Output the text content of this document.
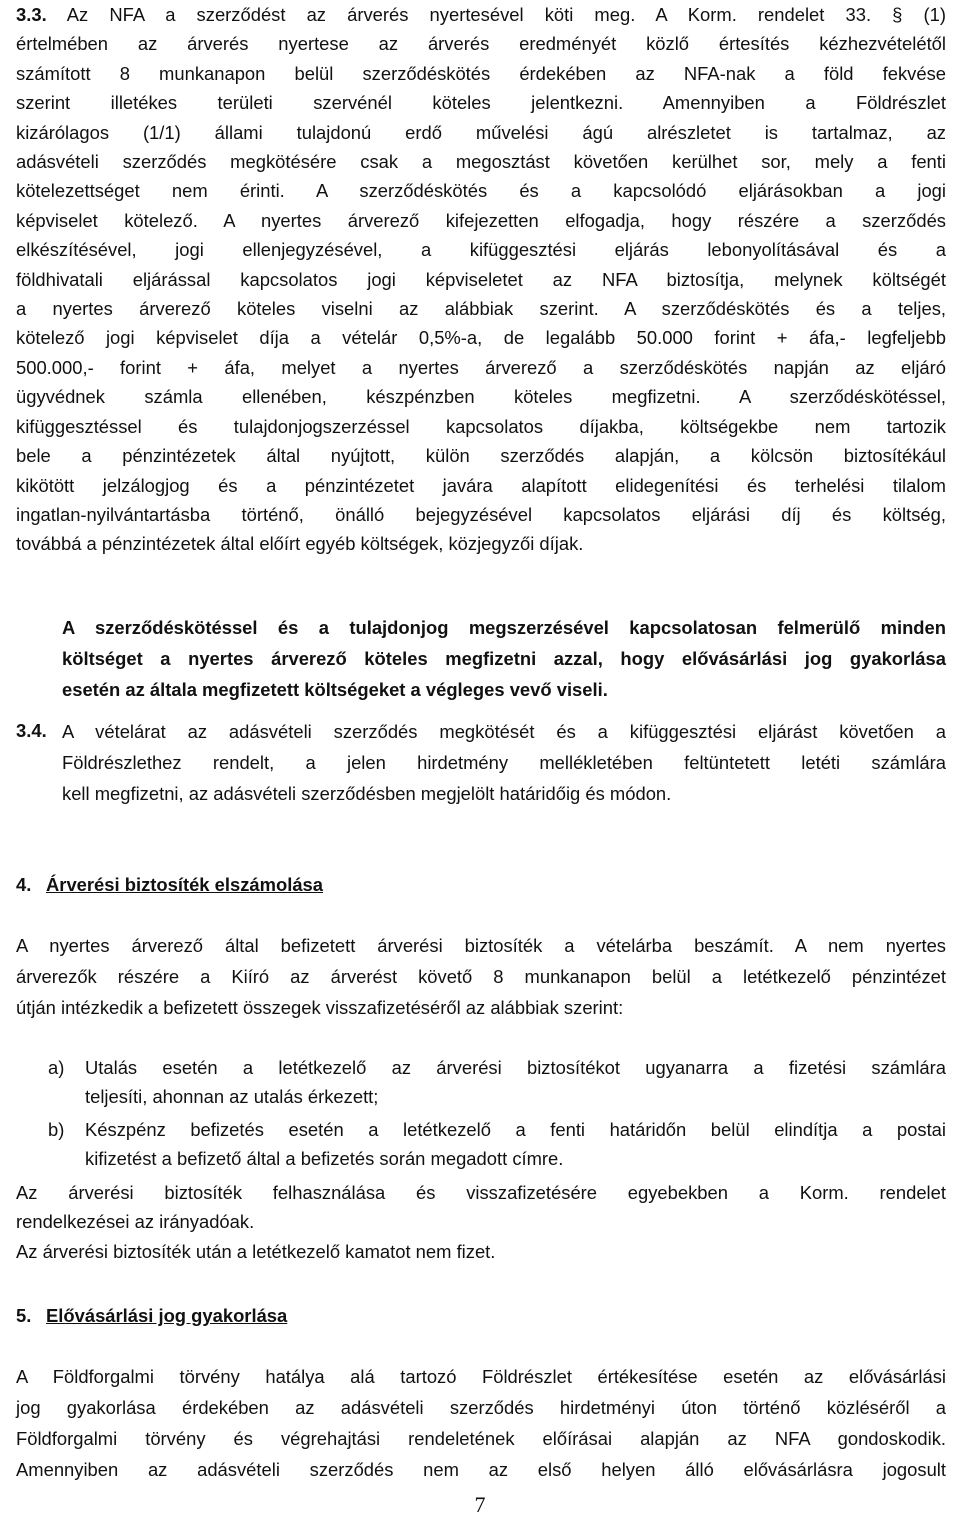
3.3. Az NFA a szerződést az árverés nyertesével köti meg. A Korm. rendelet 33. § (1)

értelmében az árverés nyertese az árverés eredményét közlő értesítés kézhezvételétől

számított 8 munkanapon belül szerződéskötés érdekében az NFA-nak a föld fekvése

szerint illetékes területi szervénél köteles jelentkezni. Amennyiben a Földrészlet

kizárólagos (1/1) állami tulajdonú erdő művelési ágú alrészletet is tartalmaz, az

adásvételi szerződés megkötésére csak a megosztást követően kerülhet sor, mely a fenti

kötelezettséget nem érinti. A szerződéskötés és a kapcsolódó eljárásokban a jogi

képviselet kötelező. A nyertes árverező kifejezetten elfogadja, hogy részére a szerződés

elkészítésével, jogi ellenjegyzésével, a kifüggesztési eljárás lebonyolításával és a

földhivatali eljárással kapcsolatos jogi képviseletet az NFA biztosítja, melynek költségét

a nyertes árverező köteles viselni az alábbiak szerint. A szerződéskötés és a teljes,

kötelező jogi képviselet díja a vételár 0,5%-a, de legalább 50.000 forint + áfa,- legfeljebb

500.000,- forint + áfa, melyet a nyertes árverező a szerződéskötés napján az eljáró

ügyvédnek számla ellenében, készpénzben köteles megfizetni. A szerződéskötéssel,

kifüggesztéssel és tulajdonjogszerzéssel kapcsolatos díjakba, költségekbe nem tartozik

bele a pénzintézetek által nyújtott, külön szerződés alapján, a kölcsön biztosítékául

kikötött jelzálogjog és a pénzintézetet javára alapított elidegenítési és terhelési tilalom

ingatlan-nyilvántartásba történő, önálló bejegyzésével kapcsolatos eljárási díj és költség,

továbbá a pénzintézetek által előírt egyéb költségek, közjegyzői díjak.

A szerződéskötéssel és a tulajdonjog megszerzésével kapcsolatosan felmerülő minden

költséget a nyertes árverező köteles megfizetni azzal, hogy elővásárlási jog gyakorlása

esetén az általa megfizetett költségeket a végleges vevő viseli.

3.4. A vételárat az adásvételi szerződés megkötését és a kifüggesztési eljárást követően a

Földrészlethez rendelt, a jelen hirdetmény mellékletében feltüntetett letéti számlára

kell megfizetni, az adásvételi szerződésben megjelölt határidőig és módon.

4. Árverési biztosíték elszámolása

A nyertes árverező által befizetett árverési biztosíték a vételárba beszámít. A nem nyertes

árverezők részére a Kiíró az árverést követő 8 munkanapon belül a letétkezelő pénzintézet

útján intézkedik a befizetett összegek visszafizetéséről az alábbiak szerint:

a) Utalás esetén a letétkezelő az árverési biztosítékot ugyanarra a fizetési számlára

teljesíti, ahonnan az utalás érkezett;

b) Készpénz befizetés esetén a letétkezelő a fenti határidőn belül elindítja a postai

kifizetést a befizető által a befizetés során megadott címre.

Az árverési biztosíték felhasználása és visszafizetésére egyebekben a Korm. rendelet

rendelkezései az irányadóak.

Az árverési biztosíték után a letétkezelő kamatot nem fizet.

5. Elővásárlási jog gyakorlása

A Földforgalmi törvény hatálya alá tartozó Földrészlet értékesítése esetén az elővásárlási

jog gyakorlása érdekében az adásvételi szerződés hirdetményi úton történő közléséről a

Földforgalmi törvény és végrehajtási rendeletének előírásai alapján az NFA gondoskodik.

Amennyiben az adásvételi szerződés nem az első helyen álló elővásárlásra jogosult

7
